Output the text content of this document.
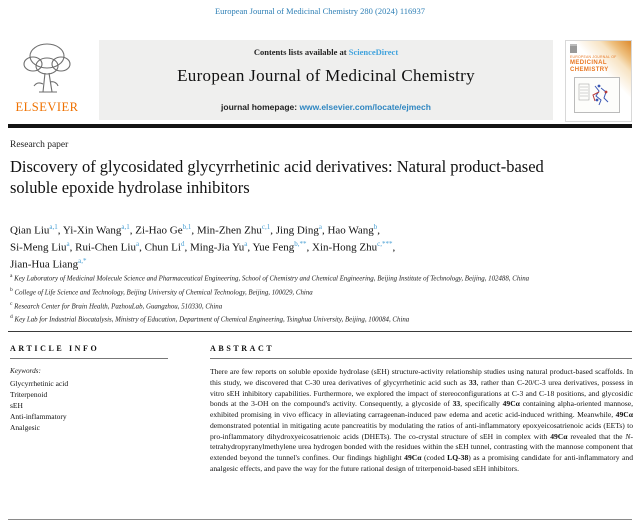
European Journal of Medicinal Chemistry 280 (2024) 116937
ELSEVIER
Contents lists available at ScienceDirect
European Journal of Medicinal Chemistry
journal homepage: www.elsevier.com/locate/ejmech
EUROPEAN JOURNAL OF
MEDICINAL
CHEMISTRY
Research paper
Discovery of glycosidated glycyrrhetinic acid derivatives: Natural product-based soluble epoxide hydrolase inhibitors
Qian Liu$^{a,1}$, Yi-Xin Wang$^{a,1}$, Zi-Hao Ge$^{b,1}$, Min-Zhen Zhu$^{c,1}$, Jing Ding$^a$, Hao Wang$^b$,
Si-Meng Liu$^a$, Rui-Chen Liu$^a$, Chun Li$^d$, Ming-Jia Yu$^a$, Yue Feng$^{b,**}$, Xin-Hong Zhu$^{c,***}$,
Jian-Hua Liang$^{a,*}$
$^a$ Key Laboratory of Medicinal Molecule Science and Pharmaceutical Engineering, School of Chemistry and Chemical Engineering, Beijing Institute of Technology, Beijing, 102488, China
$^b$ College of Life Science and Technology, Beijing University of Chemical Technology, Beijing, 100029, China
$^c$ Research Center for Brain Health, PazhouLab, Guangzhou, 510330, China
$^d$ Key Lab for Industrial Biocatalysis, Ministry of Education, Department of Chemical Engineering, Tsinghua University, Beijing, 100084, China
ARTICLE INFO	ABSTRACT
Keywords:
Glycyrrhetinic acid
Triterpenoid
sEH
Anti-inflammatory
Analgesic
There are few reports on soluble epoxide hydrolase (sEH) structure-activity relationship studies using natural product-based scaffolds. In this study, we discovered that C-30 urea derivatives of glycyrrhetinic acid such as 33, rather than C-20/C-3 urea derivatives, possess in vitro sEH inhibitory capabilities. Furthermore, we explored the impact of stereoconfigurations at C-3 and C-18 positions, and glycosidic bonds at the 3-OH on the compound's activity. Consequently, a glycoside of 33, specifically 49Cα containing alpha-oriented mannose, exhibited promising in vivo efficacy in alleviating carrageenan-induced paw edema and acetic acid-induced writhing. Meanwhile, 49Cα demonstrated potential in mitigating acute pancreatitis by modulating the ratios of anti-inflammatory epoxyeicosatrienoic acids (EETs) to pro-inflammatory dihydroxyeicosatrienoic acids (DHETs). The co-crystal structure of sEH in complex with 49Cα revealed that the N-tetrahydropyranylmethylene urea hydrogen bonded with the residues within the sEH tunnel, contrasting with the mannose component that extended beyond the tunnel's confines. Our findings highlight 49Cα (coded LQ-38) as a promising candidate for anti-inflammatory and analgesic effects, and pave the way for the future rational design of triterpenoid-based sEH inhibitors.
